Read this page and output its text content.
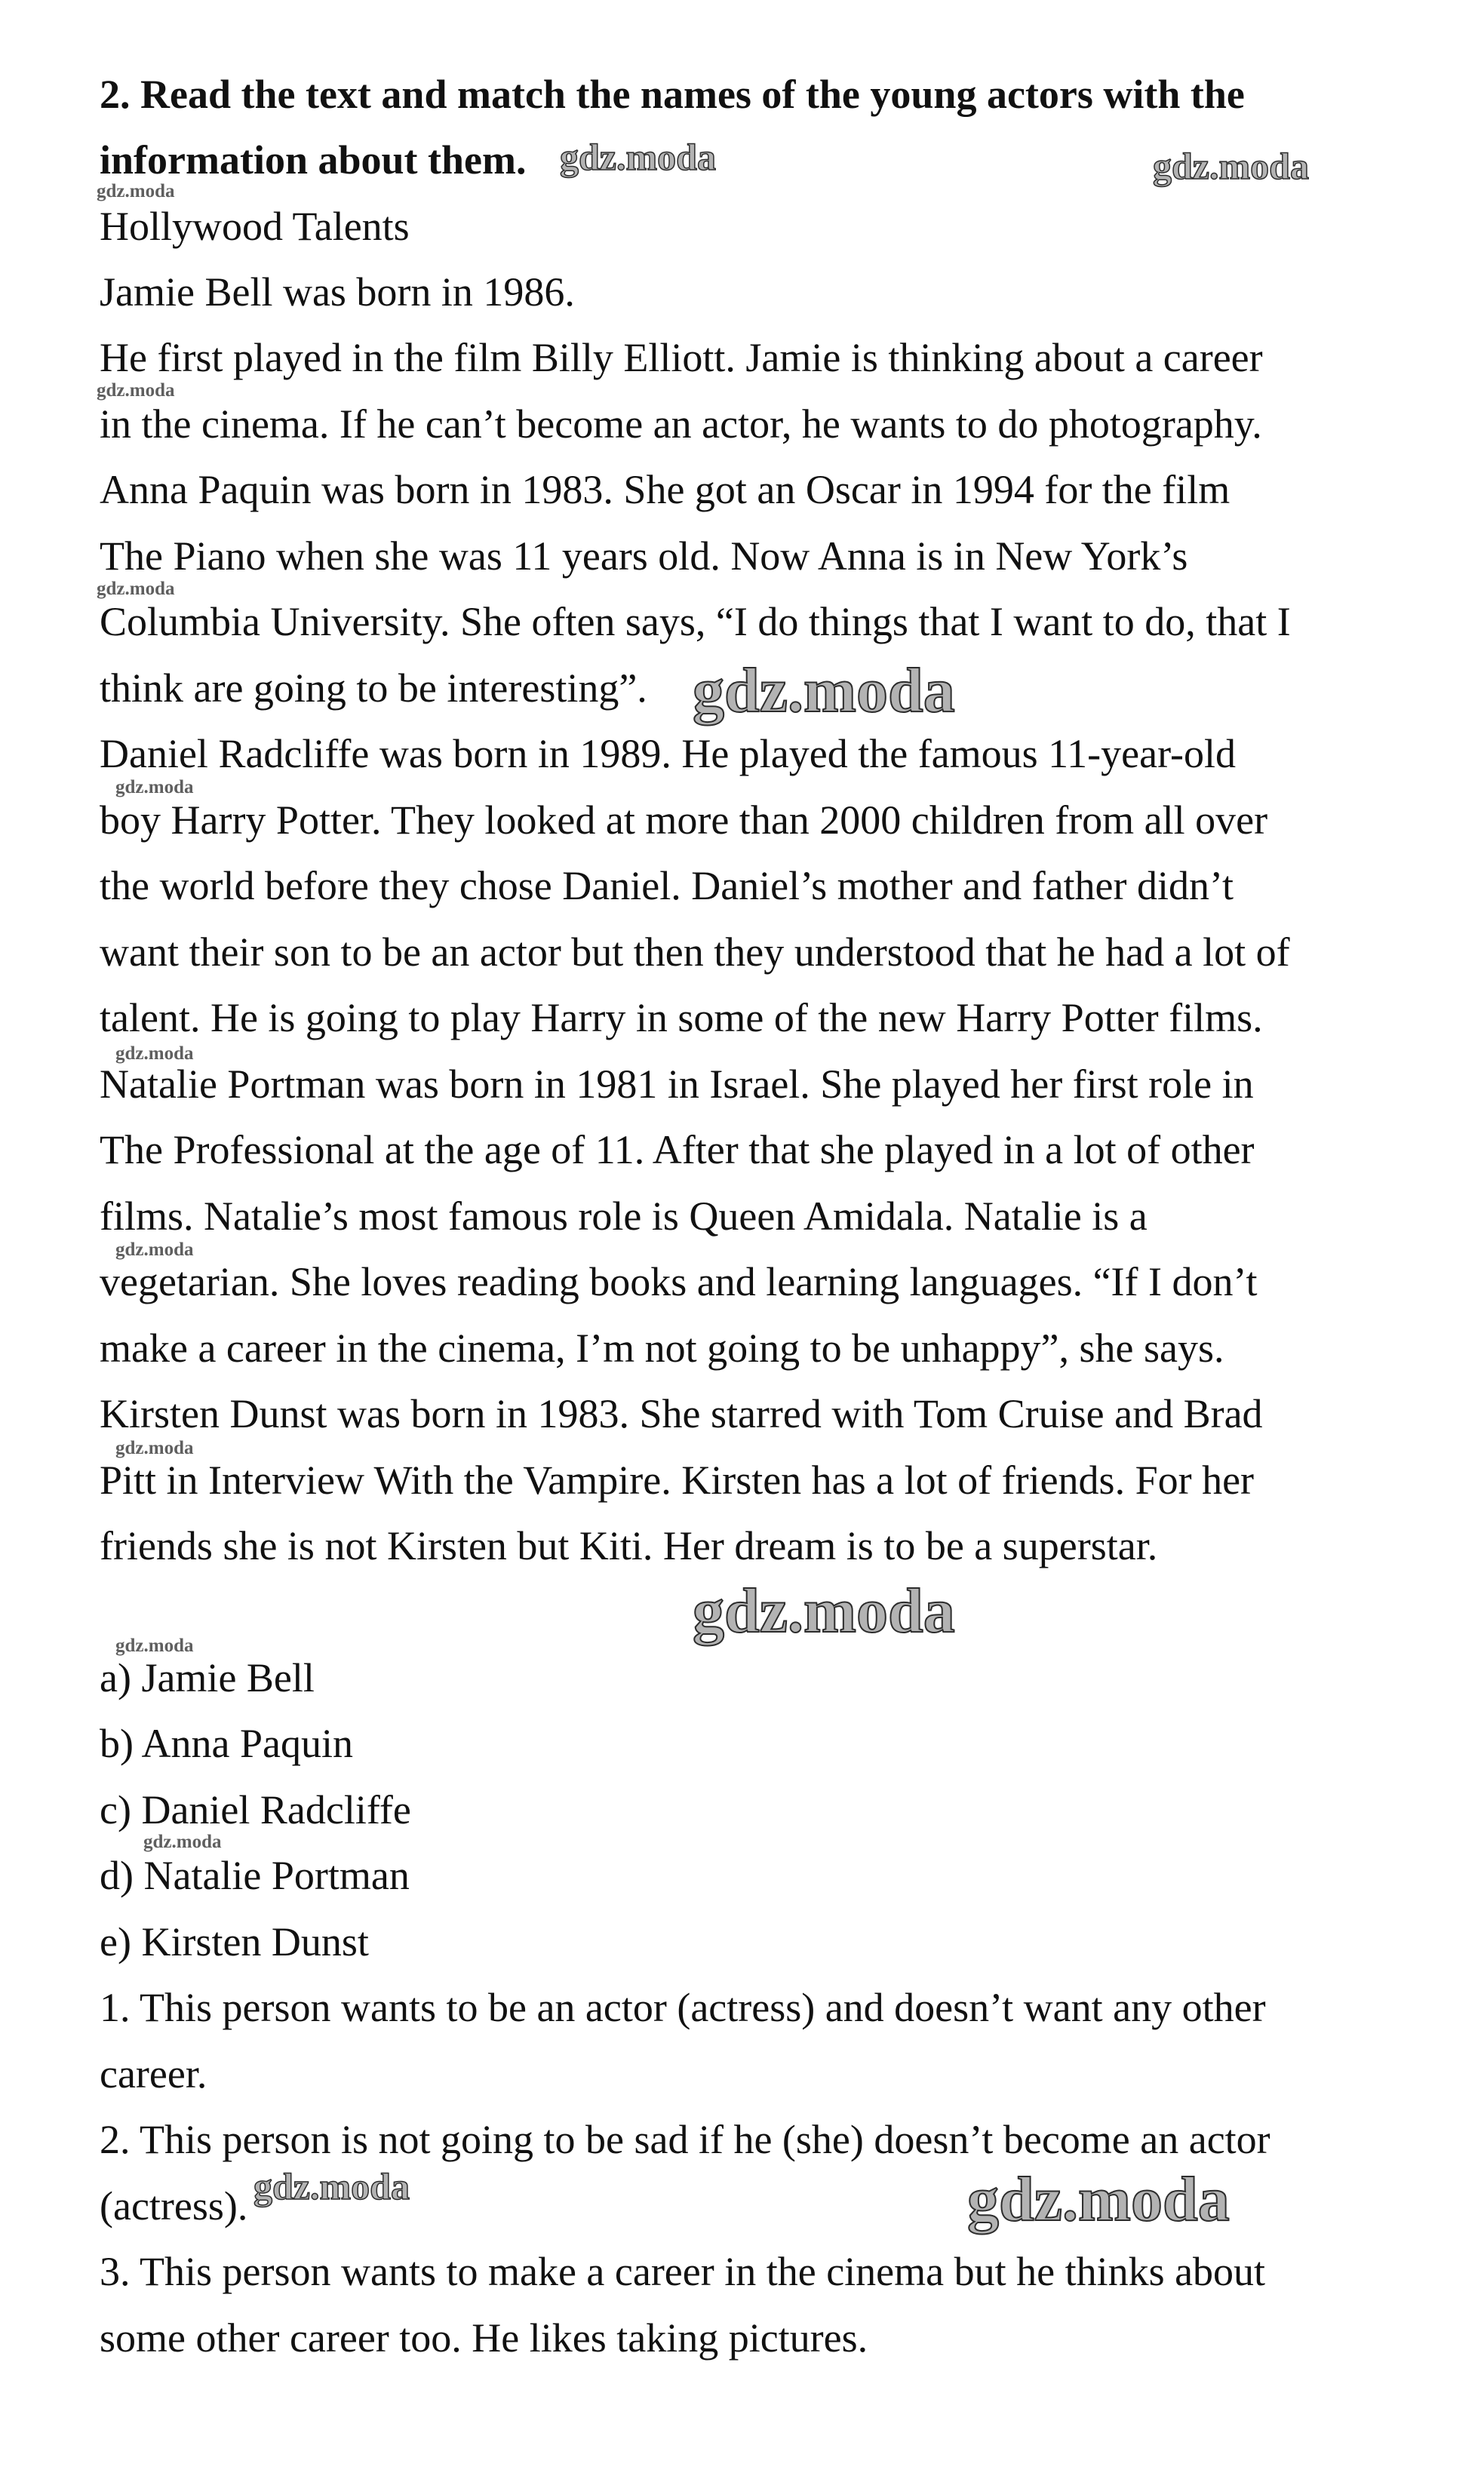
2. Read the text and match the names of the young actors with the
information about them.
Hollywood Talents
Jamie Bell was born in 1986.
He first played in the film Billy Elliott. Jamie is thinking about a career
in the cinema. If he can’t become an actor, he wants to do photography.
Anna Paquin was born in 1983. She got an Oscar in 1994 for the film
The Piano when she was 11 years old. Now Anna is in New York’s
Columbia University. She often says, “I do things that I want to do, that I
think are going to be interesting”.
Daniel Radcliffe was born in 1989. He played the famous 11-year-old
boy Harry Potter. They looked at more than 2000 children from all over
the world before they chose Daniel. Daniel’s mother and father didn’t
want their son to be an actor but then they understood that he had a lot of
talent. He is going to play Harry in some of the new Harry Potter films.
Natalie Portman was born in 1981 in Israel. She played her first role in
The Professional at the age of 11. After that she played in a lot of other
films. Natalie’s most famous role is Queen Amidala. Natalie is a
vegetarian. She loves reading books and learning languages. “If I don’t
make a career in the cinema, I’m not going to be unhappy”, she says.
Kirsten Dunst was born in 1983. She starred with Tom Cruise and Brad
Pitt in Interview With the Vampire. Kirsten has a lot of friends. For her
friends she is not Kirsten but Kiti. Her dream is to be a superstar.
a) Jamie Bell
b) Anna Paquin
c) Daniel Radcliffe
d) Natalie Portman
e) Kirsten Dunst
1. This person wants to be an actor (actress) and doesn’t want any other
career.
2. This person is not going to be sad if he (she) doesn’t become an actor
(actress).
3. This person wants to make a career in the cinema but he thinks about
some other career too. He likes taking pictures.
gdz.moda	gdz.moda
gdz.moda
gdz.moda
gdz.moda
gdz.moda
gdz.moda
gdz.moda
gdz.moda
gdz.moda
gdz.moda
gdz.moda
gdz.moda
gdz.moda	gdz.moda
